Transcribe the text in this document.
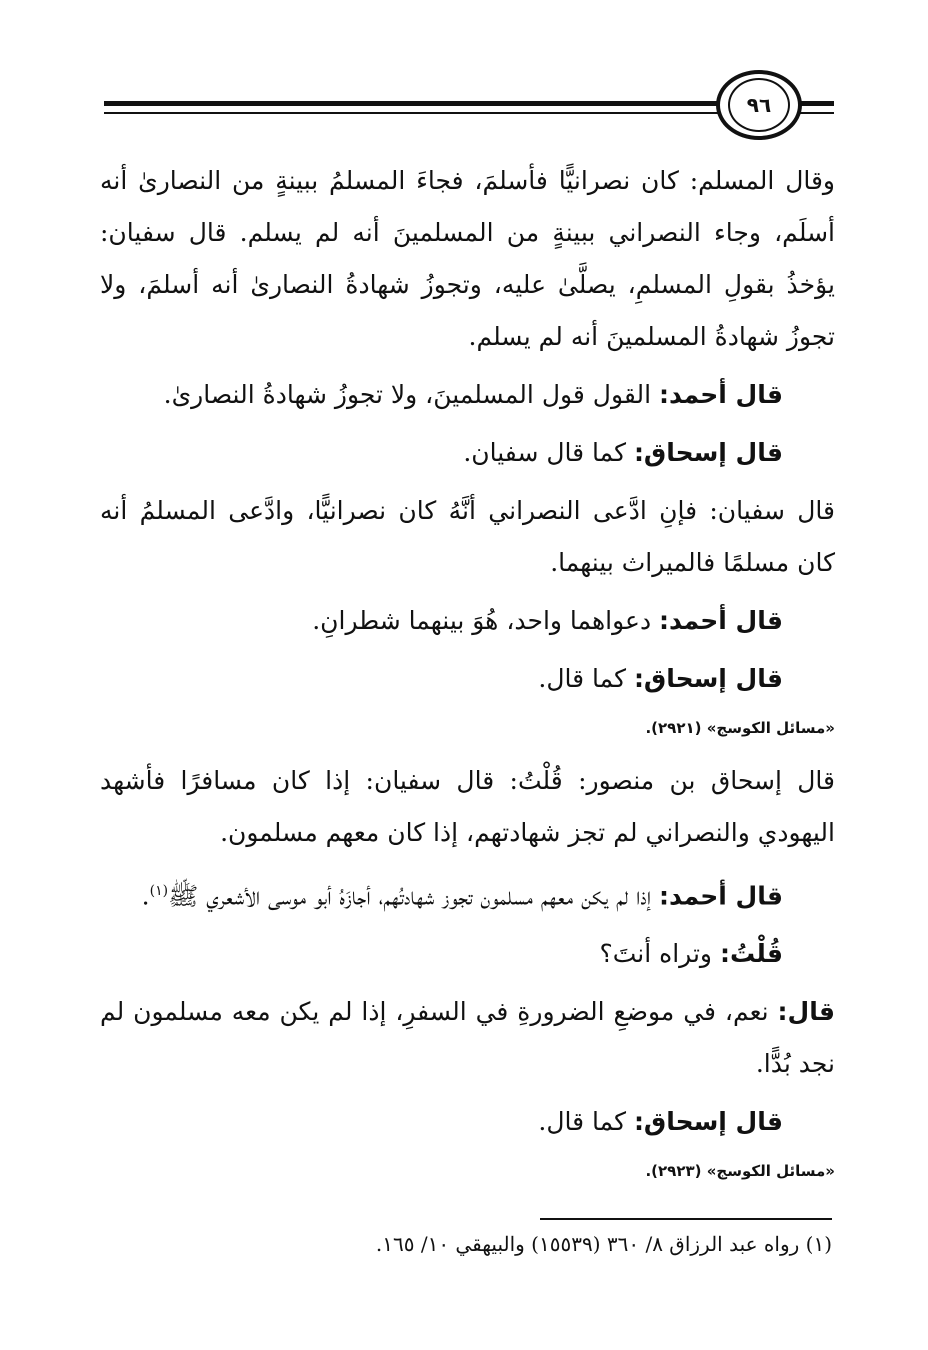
٩٦

وقال المسلم: كان نصرانيًّا فأسلمَ، فجاءَ المسلمُ ببينةٍ من النصارىٰ أنه أسلَم، وجاء النصراني ببينةٍ من المسلمينَ أنه لم يسلم. قال سفيان: يؤخذُ بقولِ المسلمِ، يصلَّىٰ عليه، وتجوزُ شهادةُ النصارىٰ أنه أسلمَ، ولا تجوزُ شهادةُ المسلمينَ أنه لم يسلم.

قال أحمد: القول قول المسلمينَ، ولا تجوزُ شهادةُ النصارىٰ.

قال إسحاق: كما قال سفيان.

قال سفيان: فإنِ ادَّعى النصراني أنَّهُ كان نصرانيًّا، وادَّعى المسلمُ أنه كان مسلمًا فالميراث بينهما.

قال أحمد: دعواهما واحد، هُوَ بينهما شطرانِ.

قال إسحاق: كما قال.

«مسائل الكوسج» (٢٩٢١).

قال إسحاق بن منصور: قُلْتُ: قال سفيان: إذا كان مسافرًا فأشهد اليهودي والنصراني لم تجز شهادتهم، إذا كان معهم مسلمون.

قال أحمد: إذا لم يكن معهم مسلمون تجوز شهادتُهم، أجازَهُ أبو موسى الأشعري ﷺ$^{(١)}$.

قُلْتُ: وتراه أنتَ؟

قال: نعم، في موضعِ الضرورةِ في السفرِ، إذا لم يكن معه مسلمون لم نجد بُدًّا.

قال إسحاق: كما قال.

«مسائل الكوسج» (٢٩٢٣).
(١) رواه عبد الرزاق ٨/ ٣٦٠ (١٥٥٣٩) والبيهقي ١٠/ ١٦٥.
